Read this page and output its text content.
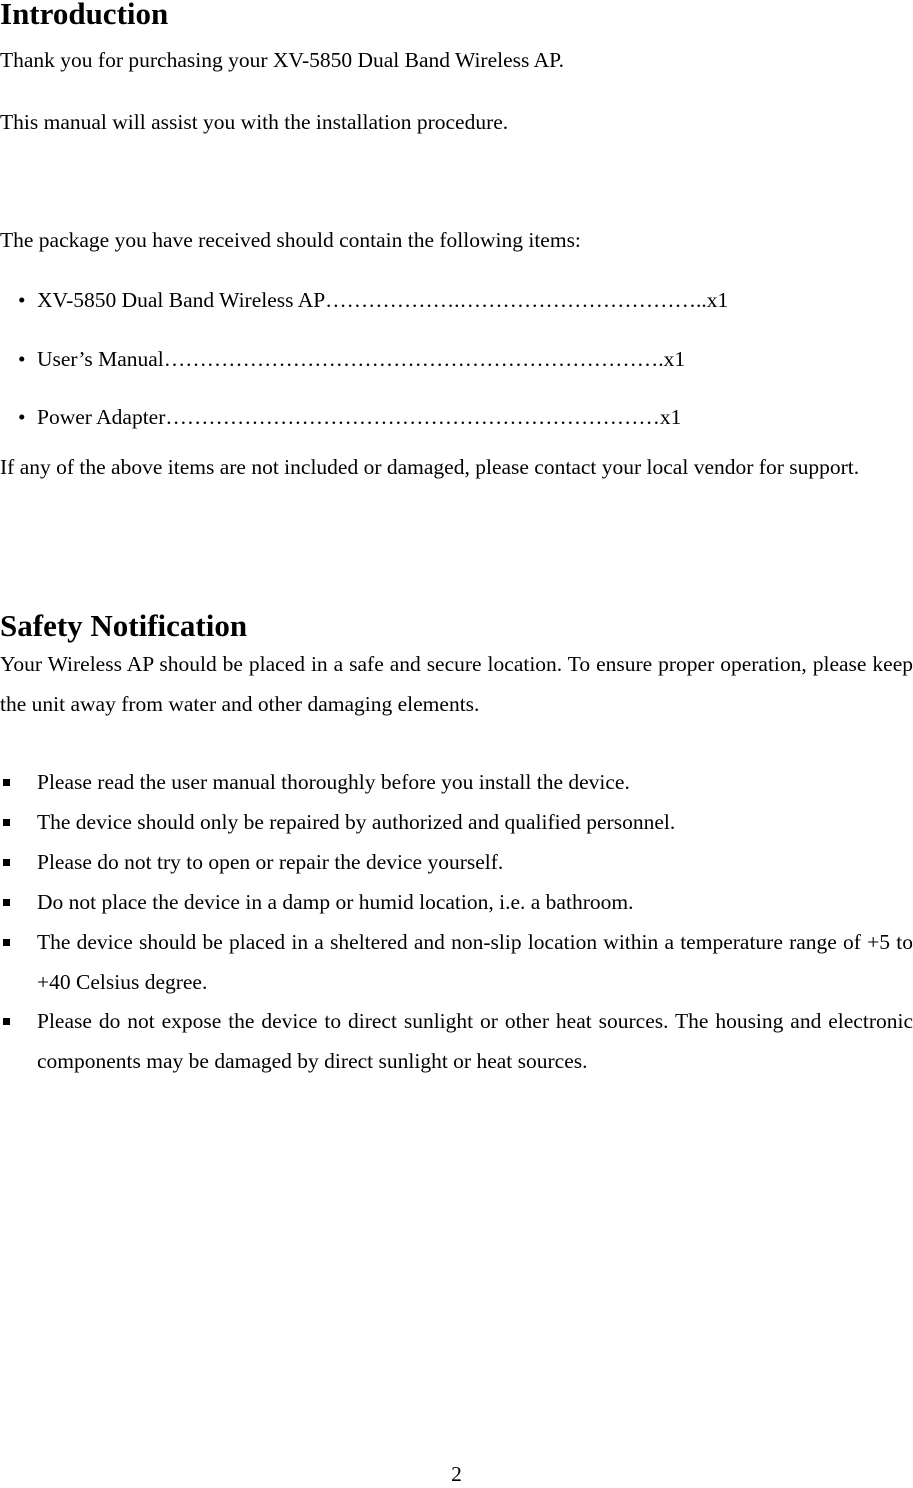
Introduction

Thank you for purchasing your XV-5850 Dual Band Wireless AP.

This manual will assist you with the installation procedure.

The package you have received should contain the following items:

• XV-5850 Dual Band Wireless AP……………….……………………………..x1
• User’s Manual…………………………………………………………….x1
• Power Adapter……………………………………………………………x1

If any of the above items are not included or damaged, please contact your local vendor for support.

Safety Notification

Your Wireless AP should be placed in a safe and secure location. To ensure proper operation, please keep the unit away from water and other damaging elements.

Please read the user manual thoroughly before you install the device.
The device should only be repaired by authorized and qualified personnel.
Please do not try to open or repair the device yourself.
Do not place the device in a damp or humid location, i.e. a bathroom.
The device should be placed in a sheltered and non-slip location within a temperature range of +5 to +40 Celsius degree.
Please do not expose the device to direct sunlight or other heat sources. The housing and electronic components may be damaged by direct sunlight or heat sources.
2
